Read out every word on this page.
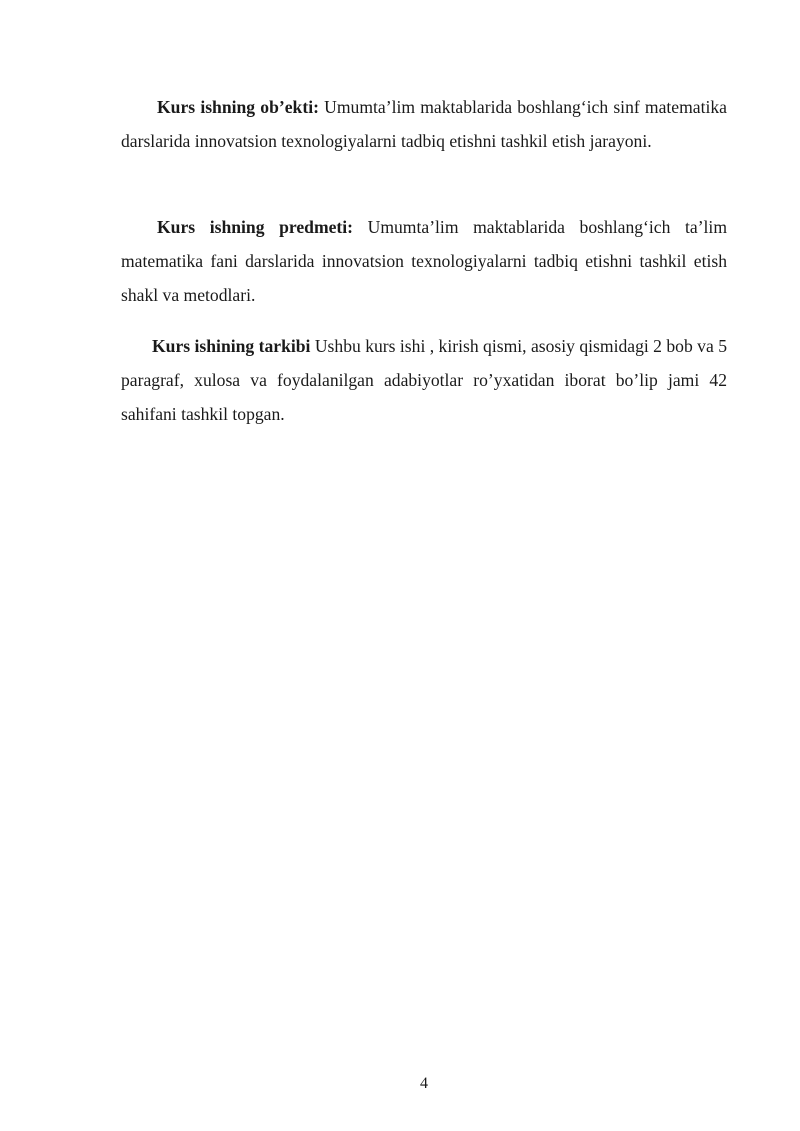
Kurs ishning ob’ekti: Umumta’lim maktablarida boshlang‘ich sinf matematika darslarida innovatsion texnologiyalarni tadbiq etishni tashkil etish jarayoni.

Kurs ishning predmeti: Umumta’lim maktablarida boshlang‘ich ta’lim matematika fani darslarida innovatsion texnologiyalarni tadbiq etishni tashkil etish shakl va metodlari.

Kurs ishining tarkibi Ushbu kurs ishi , kirish qismi, asosiy qismidagi 2 bob va 5 paragraf, xulosa va foydalanilgan adabiyotlar ro’yxatidan iborat bo’lip jami 42 sahifani tashkil topgan.

4
